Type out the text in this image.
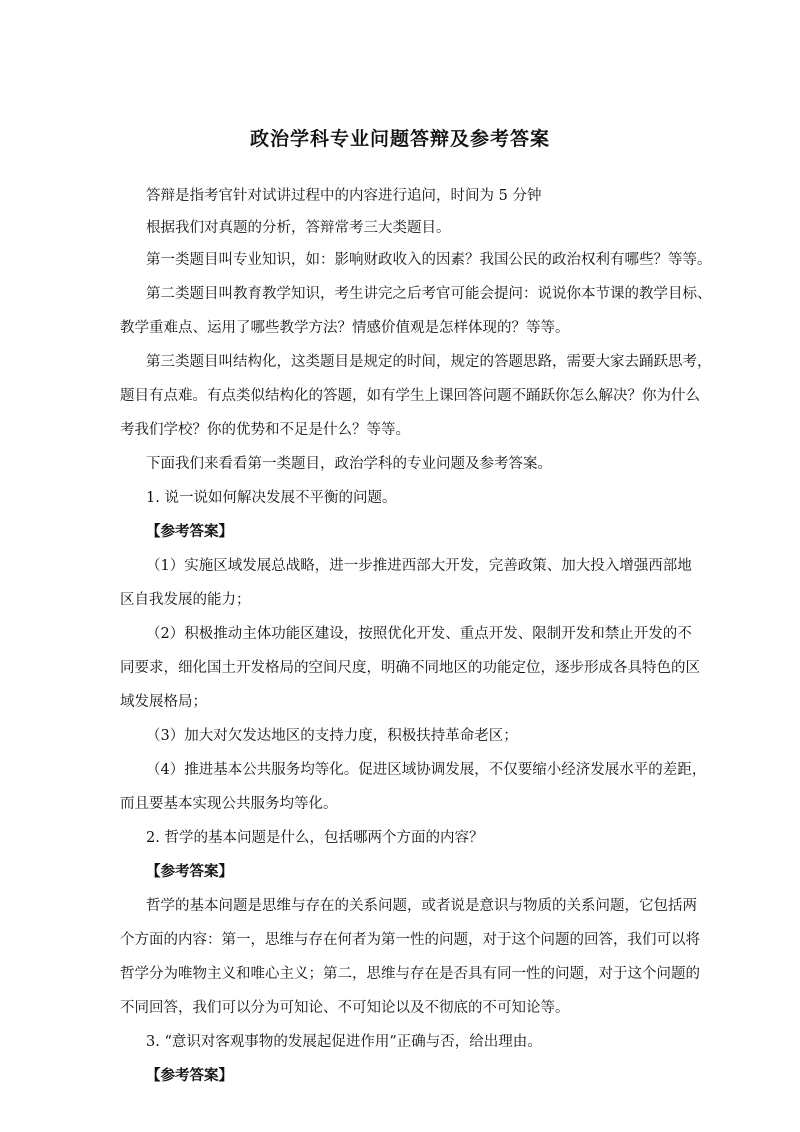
政治学科专业问题答辩及参考答案
答辩是指考官针对试讲过程中的内容进行追问，时间为 5 分钟
根据我们对真题的分析，答辩常考三大类题目。
第一类题目叫专业知识，如：影响财政收入的因素？我国公民的政治权利有哪些？等等。
第二类题目叫教育教学知识，考生讲完之后考官可能会提问：说说你本节课的教学目标、
教学重难点、运用了哪些教学方法？情感价值观是怎样体现的？等等。
第三类题目叫结构化，这类题目是规定的时间，规定的答题思路，需要大家去踊跃思考，
题目有点难。有点类似结构化的答题，如有学生上课回答问题不踊跃你怎么解决？你为什么
考我们学校？你的优势和不足是什么？等等。
下面我们来看看第一类题目，政治学科的专业问题及参考答案。
1. 说一说如何解决发展不平衡的问题。
【参考答案】
（1）实施区域发展总战略，进一步推进西部大开发，完善政策、加大投入增强西部地
区自我发展的能力；
（2）积极推动主体功能区建设，按照优化开发、重点开发、限制开发和禁止开发的不
同要求，细化国土开发格局的空间尺度，明确不同地区的功能定位，逐步形成各具特色的区
域发展格局；
（3）加大对欠发达地区的支持力度，积极扶持革命老区；
（4）推进基本公共服务均等化。促进区域协调发展，不仅要缩小经济发展水平的差距，
而且要基本实现公共服务均等化。
2. 哲学的基本问题是什么，包括哪两个方面的内容？
【参考答案】
哲学的基本问题是思维与存在的关系问题，或者说是意识与物质的关系问题，它包括两
个方面的内容：第一，思维与存在何者为第一性的问题，对于这个问题的回答，我们可以将
哲学分为唯物主义和唯心主义；第二，思维与存在是否具有同一性的问题，对于这个问题的
不同回答，我们可以分为可知论、不可知论以及不彻底的不可知论等。
3. “意识对客观事物的发展起促进作用”正确与否，给出理由。
【参考答案】
